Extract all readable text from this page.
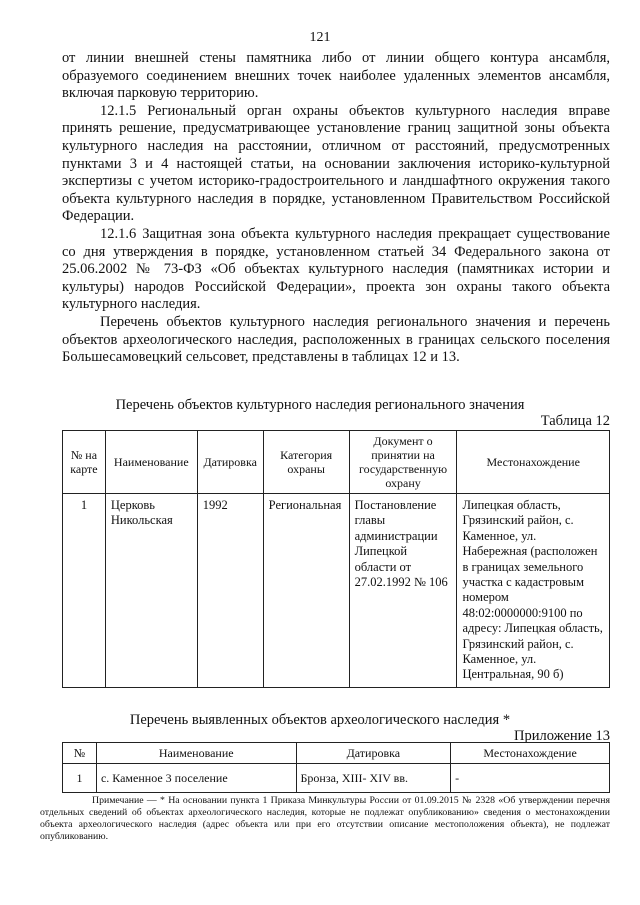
121

от линии внешней стены памятника либо от линии общего контура ансамбля, образуемого соединением внешних точек наиболее удаленных элементов ансамбля, включая парковую территорию.

12.1.5 Региональный орган охраны объектов культурного наследия вправе принять решение, предусматривающее установление границ защитной зоны объекта культурного наследия на расстоянии, отличном от расстояний, предусмотренных пунктами 3 и 4 настоящей статьи, на основании заключения историко-культурной экспертизы с учетом историко-градостроительного и ландшафтного окружения такого объекта культурного наследия в порядке, установленном Правительством Российской Федерации.

12.1.6 Защитная зона объекта культурного наследия прекращает существование со дня утверждения в порядке, установленном статьей 34 Федерального закона от 25.06.2002 № 73-ФЗ «Об объектах культурного наследия (памятниках истории и культуры) народов Российской Федерации», проекта зон охраны такого объекта культурного наследия.

Перечень объектов культурного наследия регионального значения и перечень объектов археологического наследия, расположенных в границах сельского поселения Большесамовецкий сельсовет, представлены в таблицах 12 и 13.

Перечень объектов культурного наследия регионального значения
Таблица 12
№ на карте	Наименование	Датировка	Категория охраны	Документ о принятии на государственную охрану	Местонахождение
1	Церковь Никольская	1992	Региональная	Постановление главы администрации Липецкой области от 27.02.1992 № 106	Липецкая область, Грязинский район, с. Каменное, ул. Набережная (расположен в границах земельного участка с кадастровым номером 48:02:0000000:9100 по адресу: Липецкая область, Грязинский район, с. Каменное, ул. Центральная, 90 б)
Перечень выявленных объектов археологического наследия *
Приложение 13
№	Наименование	Датировка	Местонахождение
1	с. Каменное 3 поселение	Бронза, XIII- XIV вв.	-
Примечание — * На основании пункта 1 Приказа Минкультуры России от 01.09.2015 № 2328 «Об утверждении перечня отдельных сведений об объектах археологического наследия, которые не подлежат опубликованию» сведения о местонахождении объекта археологического наследия (адрес объекта или при его отсутствии описание местоположения объекта), не подлежат опубликованию.
